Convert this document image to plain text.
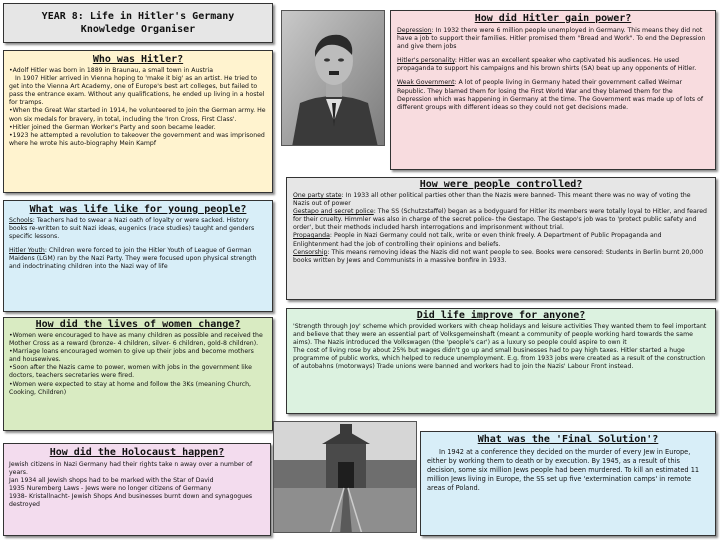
YEAR 8: Life in Hitler's Germany Knowledge Organiser
Who was Hitler?

•Adolf Hitler was born in 1889 in Braunau, a small town in Austria

In 1907 Hitler arrived in Vienna hoping to 'make it big' as an artist. He tried to get into the Vienna Art Academy, one of Europe's best art colleges, but failed to pass the entrance exam. Without any qualifications, he ended up living in a hostel for tramps.

•When the Great War started in 1914, he volunteered to join the German army. He won six medals for bravery, in total, including the 'Iron Cross, First Class'.

•Hitler joined the German Worker's Party and soon became leader.

•1923 he attempted a revolution to takeover the government and was imprisoned where he wrote his auto-biography Mein Kampf

What was life like for young people?

Schools: Teachers had to swear a Nazi oath of loyalty or were sacked. History books re-written to suit Nazi ideas, eugenics (race studies) taught and genders specific lessons.

Hitler Youth: Children were forced to join the Hitler Youth of League of German Maidens (LGM) ran by the Nazi Party. They were focused upon physical strength and indoctrinating children into the Nazi way of life

How did the lives of women change?

•Women were encouraged to have as many children as possible and received the Mother Cross as a reward (bronze- 4 children, silver- 6 children, gold-8 children).

•Marriage loans encouraged women to give up their jobs and become mothers and housewives.

•Soon after the Nazis came to power, women with jobs in the government like doctors, teachers secretaries were fired.

•Women were expected to stay at home and follow the 3Ks (meaning Church, Cooking, Children)

How did the Holocaust happen?

Jewish citizens in Nazi Germany had their rights take n away over a number of years.

Jan 1934 all Jewish shops had to be marked with the Star of David

1935 Nuremberg Laws - Jews were no longer citizens of Germany

1938- Kristallnacht- Jewish Shops And businesses burnt down and synagogues destroyed

How did Hitler gain power?

Depression: In 1932 there were 6 million people unemployed in Germany. This means they did not have a job to support their families. Hitler promised them "Bread and Work". To end the Depression and give them jobs

Hitler's personality: Hitler was an excellent speaker who captivated his audiences. He used propaganda to support his campaigns and his brown shirts (SA) beat up any opponents of Hitler.

Weak Government: A lot of people living in Germany hated their government called Weimar Republic. They blamed them for losing the First World War and they blamed them for the Depression which was happening in Germany at the time. The Government was made up of lots of different groups with different ideas so they could not get decisions made.

How were people controlled?

One party state: In 1933 all other political parties other than the Nazis were banned- This meant there was no way of voting the Nazis out of power

Gestapo and secret police: The SS (Schutzstaffel) began as a bodyguard for Hitler its members were totally loyal to Hitler, and feared for their cruelty. Himmler was also in charge of the secret police- the Gestapo. The Gestapo's job was to 'protect public safety and order', but their methods included harsh interrogations and imprisonment without trial.

Propaganda: People in Nazi Germany could not talk, write or even think freely. A Department of Public Propaganda and Enlightenment had the job of controlling their opinions and beliefs.

Censorship: This means removing ideas the Nazis did not want people to see. Books were censored: Students in Berlin burnt 20,000 books written by Jews and Communists in a massive bonfire in 1933.

Did life improve for anyone?

'Strength through Joy' scheme which provided workers with cheap holidays and leisure activities They wanted them to feel important and believe that they were an essential part of Volksgemeinshaft (meant a community of people working hard towards the same aims). The Nazis introduced the Volkswagen (the 'people's car') as a luxury so people could aspire to own it

The cost of living rose by about 25% but wages didn't go up and small businesses had to pay high taxes. Hitler started a huge programme of public works, which helped to reduce unemployment. E.g. from 1933 jobs were created as a result of the construction of autobahns (motorways) Trade unions were banned and workers had to join the Nazis' Labour Front instead.

What was the 'Final Solution'?

In 1942 at a conference they decided on the murder of every Jew in Europe, either by working them to death or by execution. By 1945, as a result of this decision, some six million Jews people had been murdered. To kill an estimated 11 million Jews living in Europe, the SS set up five 'extermination camps' in remote areas of Poland.
